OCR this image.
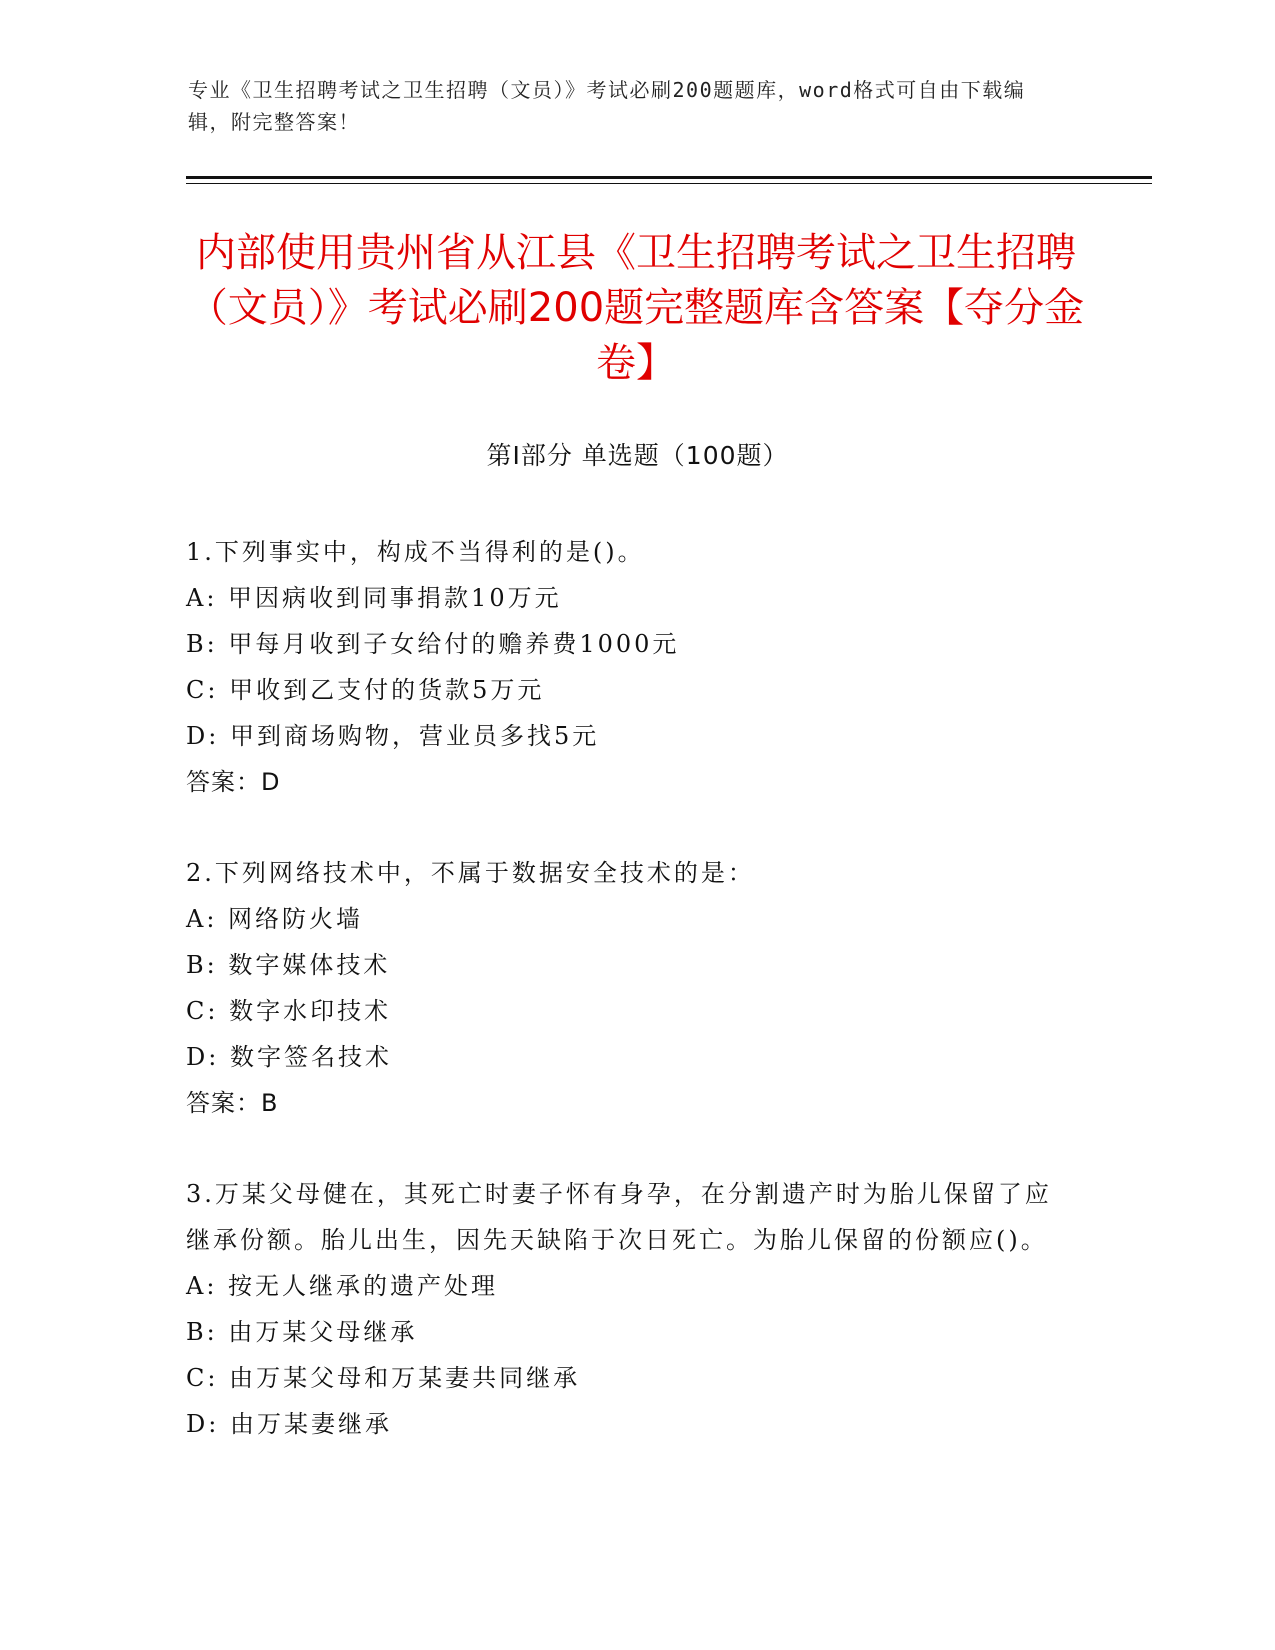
专业《卫生招聘考试之卫生招聘（文员）》考试必刷200题题库，word格式可自由下载编辑，附完整答案！
内部使用贵州省从江县《卫生招聘考试之卫生招聘（文员）》考试必刷200题完整题库含答案【夺分金卷】
第Ⅰ部分 单选题（100题）

1.下列事实中，构成不当得利的是()。

A: 甲因病收到同事捐款10万元

B: 甲每月收到子女给付的赡养费1000元

C: 甲收到乙支付的货款5万元

D: 甲到商场购物，营业员多找5元

答案：D

2.下列网络技术中，不属于数据安全技术的是：

A: 网络防火墙

B: 数字媒体技术

C: 数字水印技术

D: 数字签名技术

答案：B

3.万某父母健在，其死亡时妻子怀有身孕，在分割遗产时为胎儿保留了应继承份额。胎儿出生，因先天缺陷于次日死亡。为胎儿保留的份额应()。

A: 按无人继承的遗产处理

B: 由万某父母继承

C: 由万某父母和万某妻共同继承

D: 由万某妻继承
